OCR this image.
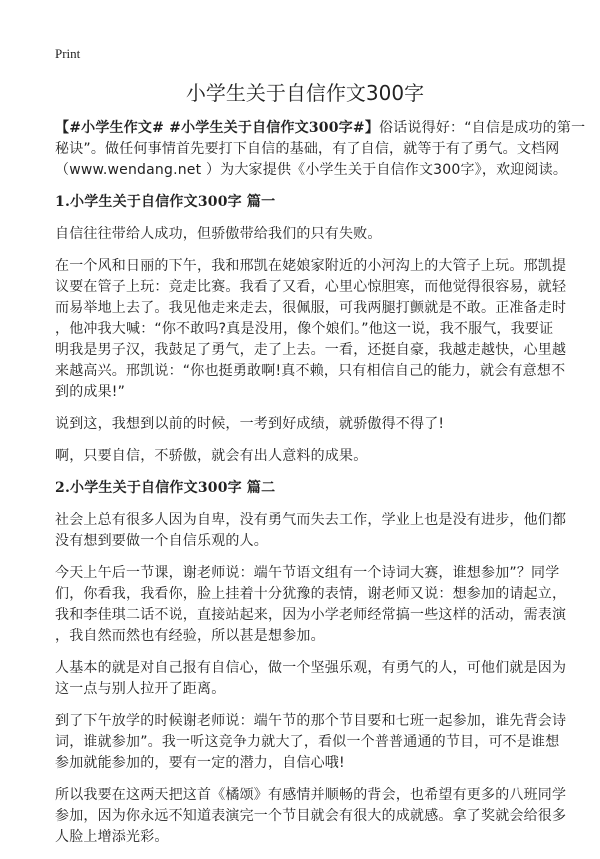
Print
小学生关于自信作文300字
【#小学生作文# #小学生关于自信作文300字#】俗话说得好：“自信是成功的第一
秘诀”。做任何事情首先要打下自信的基础，有了自信，就等于有了勇气。文档网
（www.wendang.net ）为大家提供《小学生关于自信作文300字》，欢迎阅读。
1.小学生关于自信作文300字 篇一
自信往往带给人成功，但骄傲带给我们的只有失败。
在一个风和日丽的下午，我和邢凯在姥娘家附近的小河沟上的大管子上玩。邢凯提
议要在管子上玩：竞走比赛。我看了又看，心里心惊胆寒，而他觉得很容易，就轻
而易举地上去了。我见他走来走去，很佩服，可我两腿打颤就是不敢。正准备走时
，他冲我大喊：“你不敢吗?真是没用，像个娘们。”他这一说，我不服气，我要证
明我是男子汉，我鼓足了勇气，走了上去。一看，还挺自豪，我越走越快，心里越
来越高兴。邢凯说：“你也挺勇敢啊!真不赖，只有相信自己的能力，就会有意想不
到的成果!”
说到这，我想到以前的时候，一考到好成绩，就骄傲得不得了!
啊，只要自信，不骄傲，就会有出人意料的成果。
2.小学生关于自信作文300字 篇二
社会上总有很多人因为自卑，没有勇气而失去工作，学业上也是没有进步，他们都
没有想到要做一个自信乐观的人。
今天上午后一节课，谢老师说：端午节语文组有一个诗词大赛，谁想参加”？同学
们，你看我，我看你，脸上挂着十分犹豫的表情，谢老师又说：想参加的请起立，
我和李佳琪二话不说，直接站起来，因为小学老师经常搞一些这样的活动，需表演
，我自然而然也有经验，所以甚是想参加。
人基本的就是对自己报有自信心，做一个坚强乐观，有勇气的人，可他们就是因为
这一点与别人拉开了距离。
到了下午放学的时候谢老师说：端午节的那个节目要和七班一起参加，谁先背会诗
词，谁就参加”。我一听这竞争力就大了，看似一个普普通通的节目，可不是谁想
参加就能参加的，要有一定的潜力，自信心哦!
所以我要在这两天把这首《橘颂》有感情并顺畅的背会，也希望有更多的八班同学
参加，因为你永远不知道表演完一个节目就会有很大的成就感。拿了奖就会给很多
人脸上增添光彩。
